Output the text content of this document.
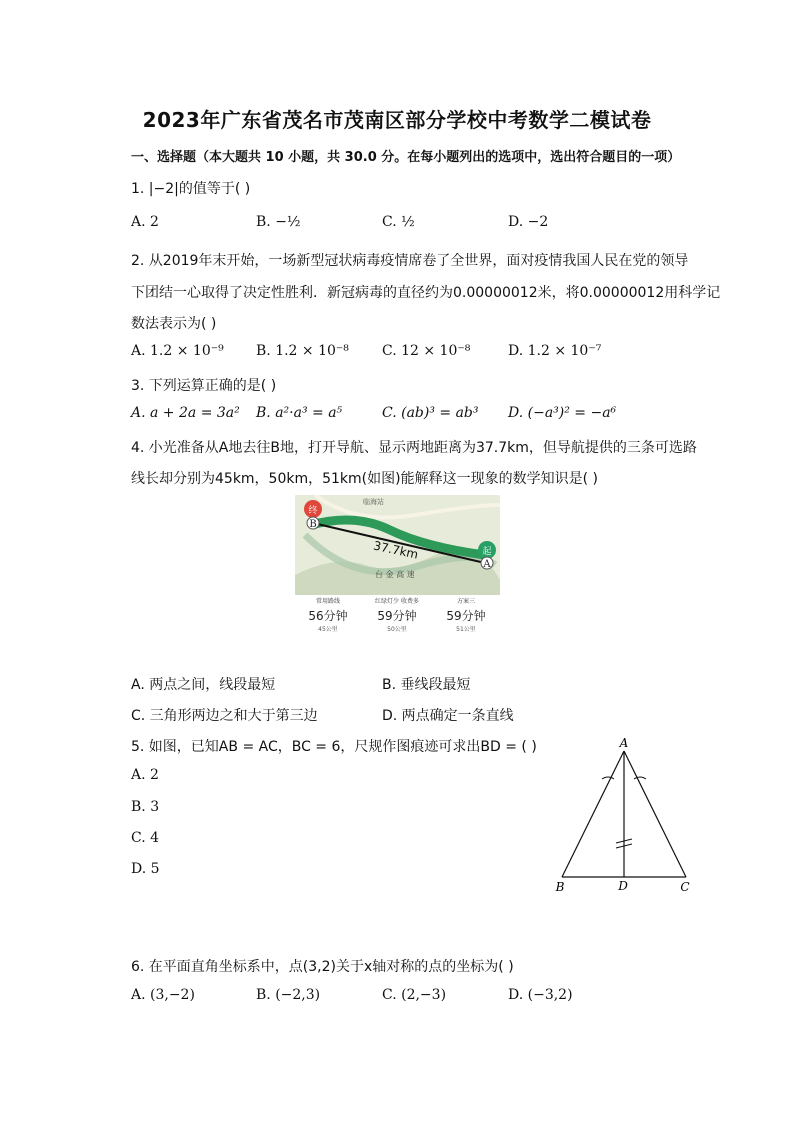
2023年广东省茂名市茂南区部分学校中考数学二模试卷
一、选择题（本大题共 10 小题，共 30.0 分。在每小题列出的选项中，选出符合题目的一项）
1. |−2|的值等于( )
A. 2	B. −½	C. ½	D. −2
2. 从2019年末开始，一场新型冠状病毒疫情席卷了全世界，面对疫情我国人民在党的领导
下团结一心取得了决定性胜利．新冠病毒的直径约为0.00000012米，将0.00000012用科学记
数法表示为( )
A. 1.2 × 10⁻⁹ B. 1.2 × 10⁻⁸ C. 12 × 10⁻⁸	D. 1.2 × 10⁻⁷
3. 下列运算正确的是( )
A. a + 2a = 3a² B. a²·a³ = a⁵	C. (ab)³ = ab³ D. (−a³)² = −a⁶
4. 小光准备从A地去往B地，打开导航、显示两地距离为37.7km，但导航提供的三条可选路
线长却分别为45km，50km，51km(如图)能解释这一现象的数学知识是( )
终
起
B
A
37.7km
台 金 高 速
临海站
常用路线
56分钟
45公里
红绿灯少 收费多
59分钟
50公里
方案三
59分钟
51公里
A. 两点之间，线段最短	B. 垂线段最短
C. 三角形两边之和大于第三边	D. 两点确定一条直线
5. 如图，已知AB = AC，BC = 6，尺规作图痕迹可求出BD = ( )
A. 2
B. 3
C. 4
D. 5
A
B	C
D
6. 在平面直角坐标系中，点(3,2)关于x轴对称的点的坐标为( )
A. (3,−2)	B. (−2,3)	C. (2,−3)	D. (−3,2)
